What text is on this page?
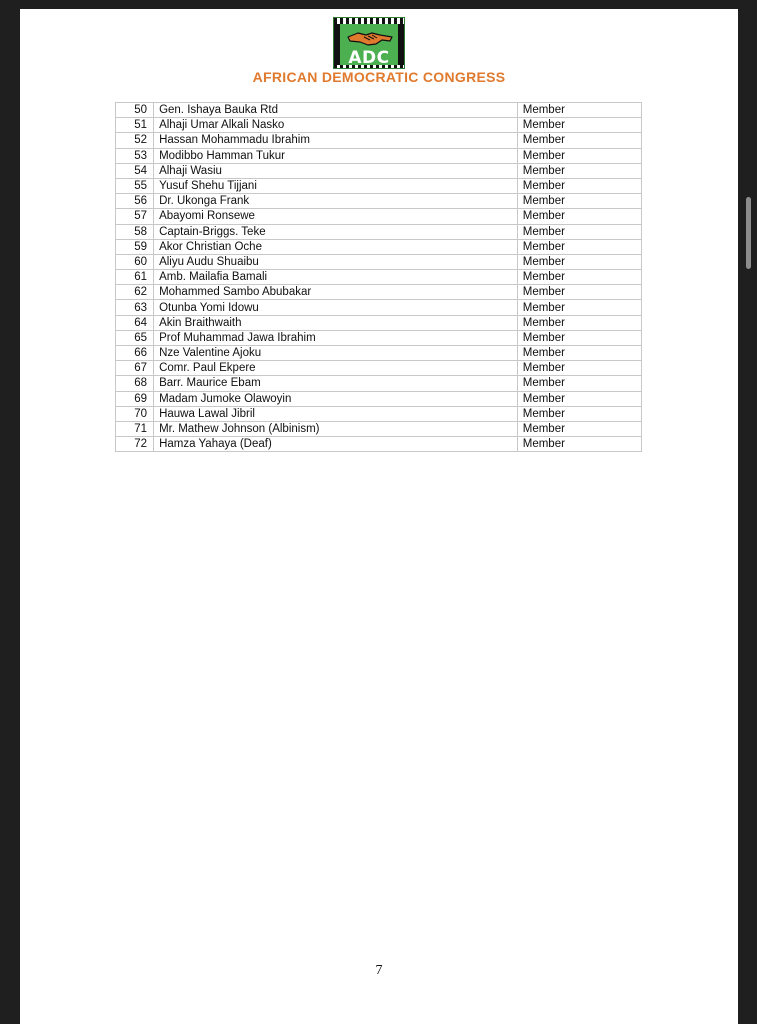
ADC
AFRICAN DEMOCRATIC CONGRESS
50	Gen. Ishaya Bauka Rtd	Member
51	Alhaji Umar Alkali Nasko	Member
52	Hassan Mohammadu Ibrahim	Member
53	Modibbo Hamman Tukur	Member
54	Alhaji Wasiu	Member
55	Yusuf Shehu Tijjani	Member
56	Dr. Ukonga Frank	Member
57	Abayomi Ronsewe	Member
58	Captain-Briggs. Teke	Member
59	Akor Christian Oche	Member
60	Aliyu Audu Shuaibu	Member
61	Amb. Mailafia Bamali	Member
62	Mohammed Sambo Abubakar	Member
63	Otunba Yomi Idowu	Member
64	Akin Braithwaith	Member
65	Prof Muhammad Jawa Ibrahim	Member
66	Nze Valentine Ajoku	Member
67	Comr. Paul Ekpere	Member
68	Barr. Maurice Ebam	Member
69	Madam Jumoke Olawoyin	Member
70	Hauwa Lawal Jibril	Member
71	Mr. Mathew Johnson (Albinism)	Member
72	Hamza Yahaya (Deaf)	Member
7
